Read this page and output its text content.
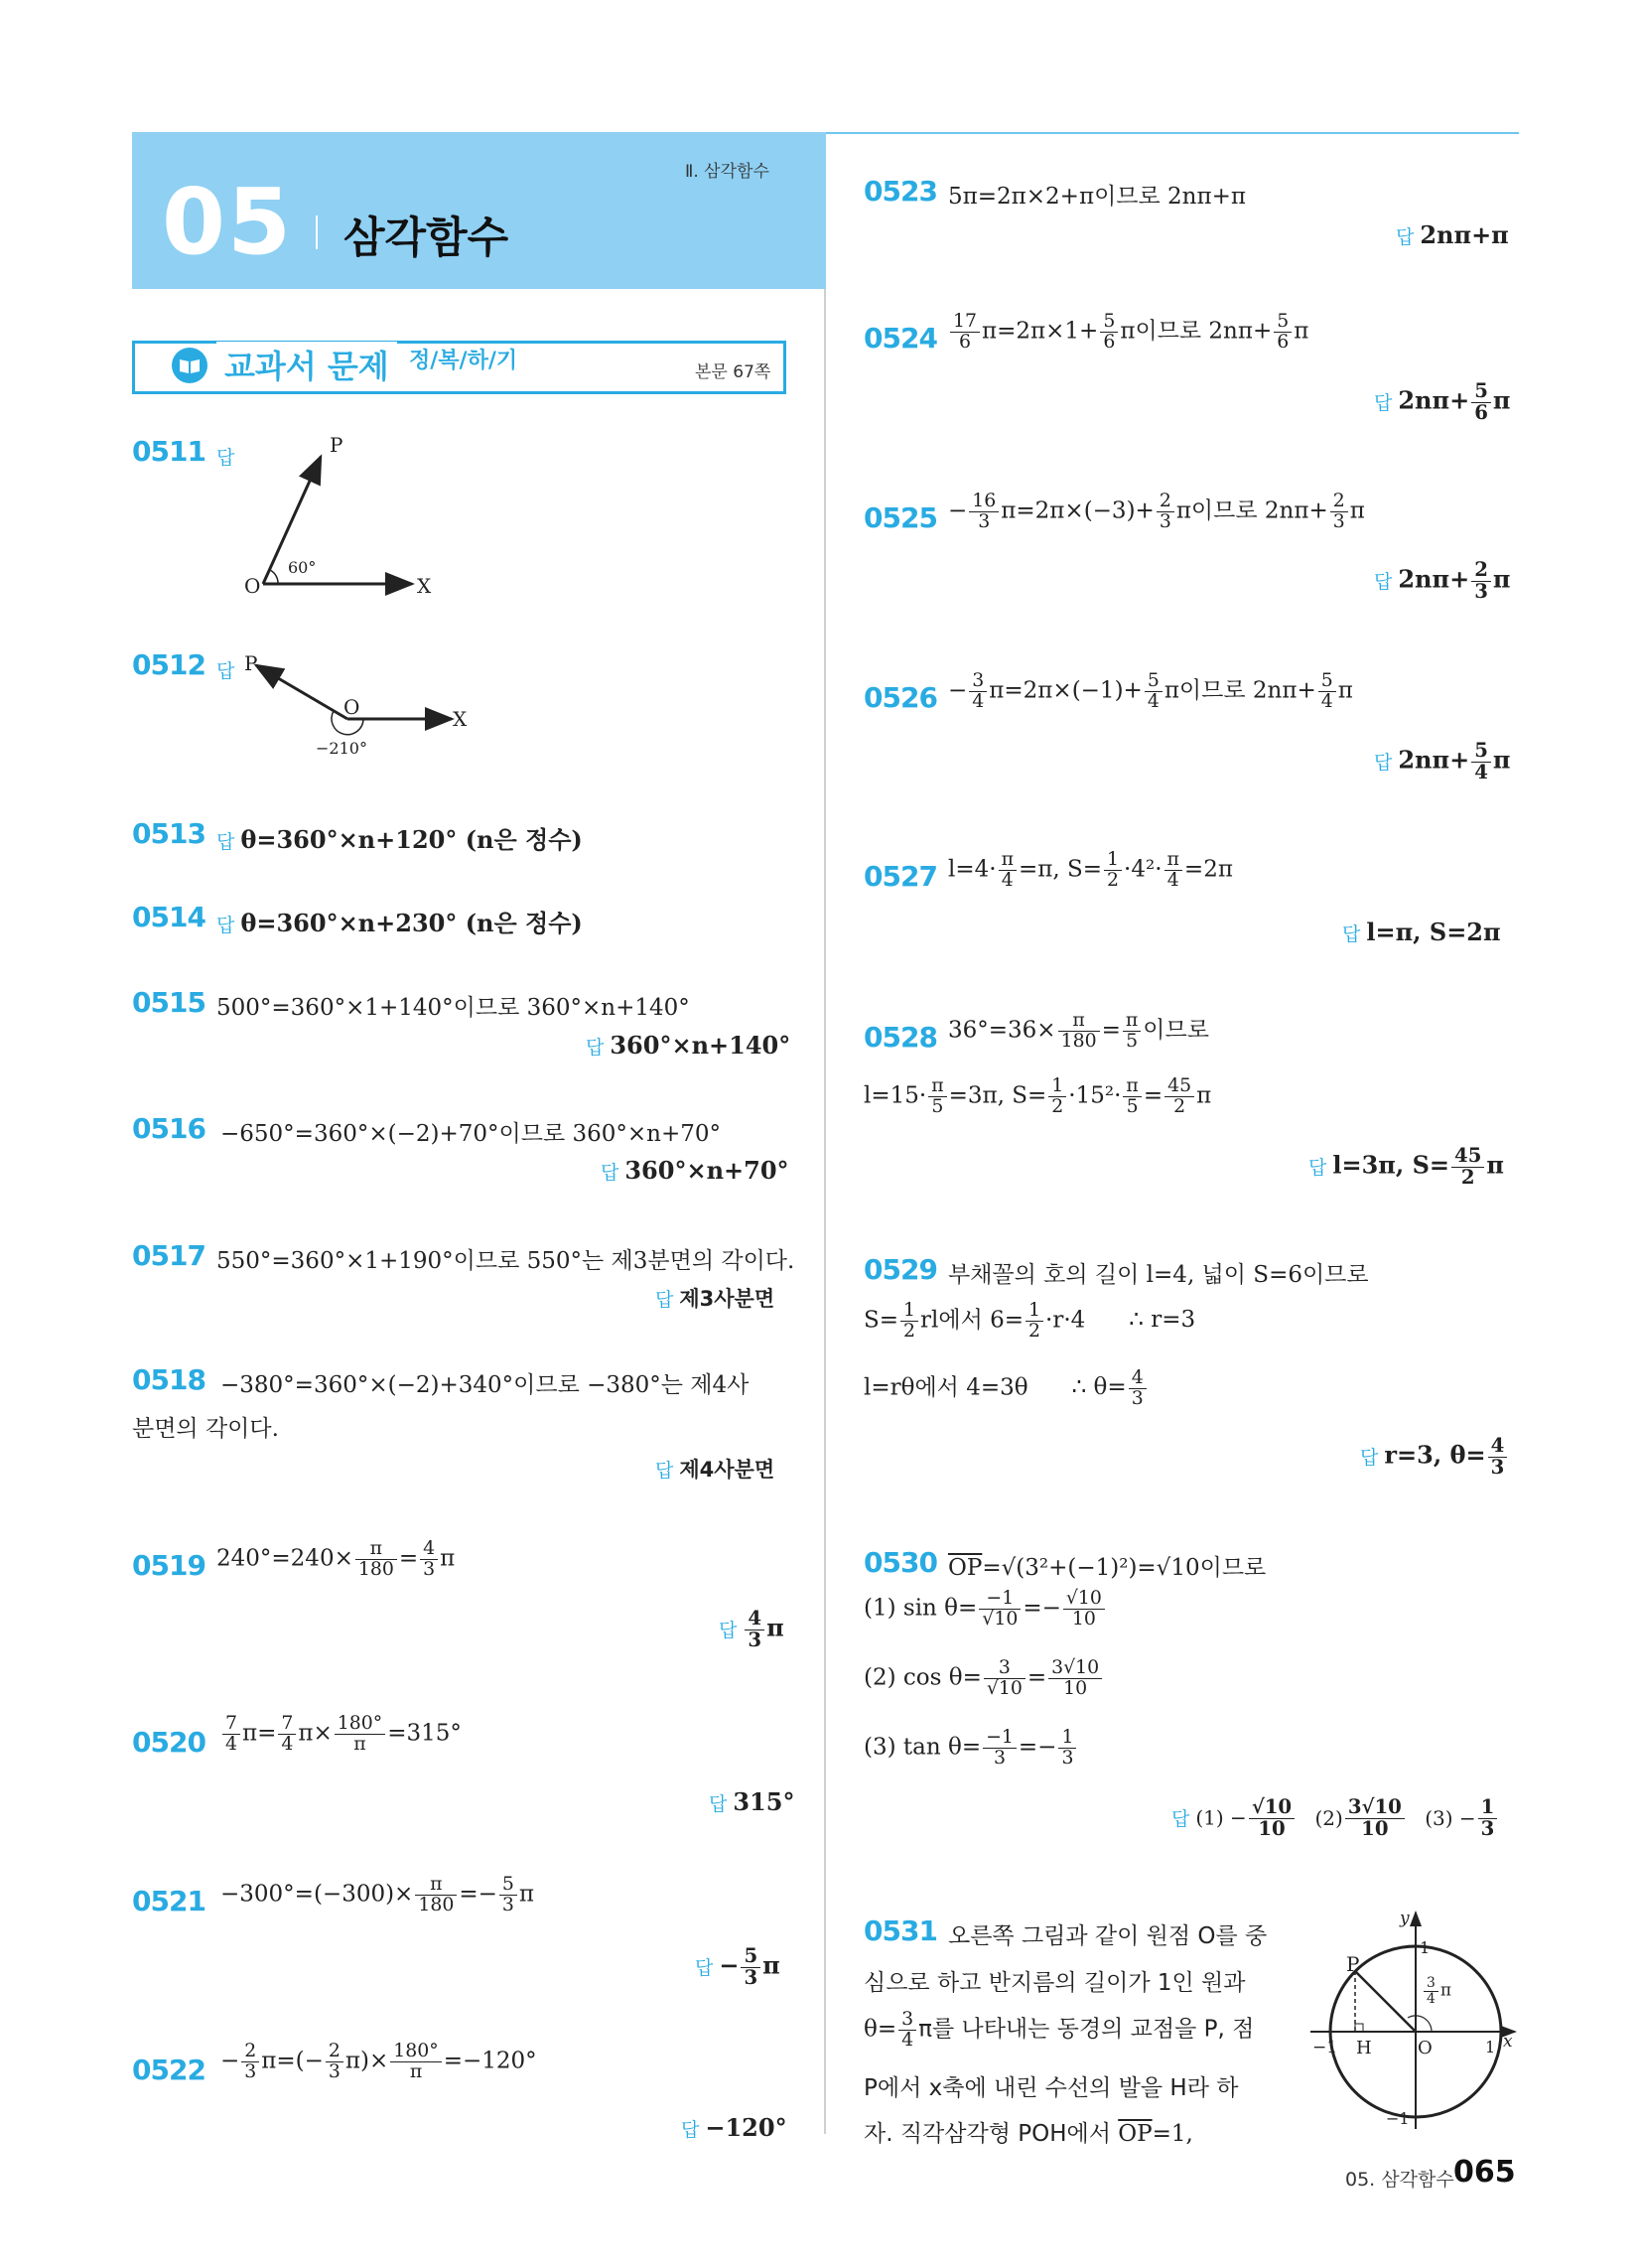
05 삼각함수
Ⅱ. 삼각함수
교과서 문제 정/복/하/기	본문 67쪽
0511 답
P
O	X
60°
0512 답 P
O	X
−210°
0513 답 θ=360°×n+120° (n은 정수)
0514 답 θ=360°×n+230° (n은 정수)
0515 500°=360°×1+140°이므로 360°×n+140°
답 360°×n+140°
0516 −650°=360°×(−2)+70°이므로 360°×n+70°
답 360°×n+70°
0517 550°=360°×1+190°이므로 550°는 제3분면의 각이다.
답 제3사분면
0518 −380°=360°×(−2)+340°이므로 −380°는 제4사
분면의 각이다.
답 제4사분면
0519 $240^\circ=240\times \frac{\pi}{180} = \frac{4}{3}$ π
답 $\frac{4}{3}$ π
$0520 \frac{7}{4} \pi= \frac{7}{4} \pi\times \frac{180^\circ}{\pi} =315^\circ$
답 315°
$0521 -300^\circ=(-300)\times \frac{\pi}{180} =- \frac{5}{3}$ π
답 − $\frac{5}{3}$ π
$0522 - \frac{2}{3} \pi=(- \frac{2}{3} \pi)\times \frac{180^\circ}{\pi} =-120^\circ$
답 −120°
0523 5π=2π×2+π이므로 2nπ+π
답 2nπ+π
$0524 \frac{17}{6} \pi=2\pi\times 1+ \frac{5}{6}$ π이므로 $2n\pi+ \frac{5}{6}$ π
답 $2n\pi+ \frac{5}{6}$ π
$0525 - \frac{16}{3} \pi=2\pi\times(-3)+ \frac{2}{3}$ π이므로 $2n\pi+ \frac{2}{3}$ π
답 $2n\pi+ \frac{2}{3}$ π
$0526 - \frac{3}{4} \pi=2\pi\times(-1)+ \frac{5}{4}$ π이므로 $2n\pi+ \frac{5}{4}$ π
답 $2n\pi+ \frac{5}{4}$ π
0527 $l=4\cdot \frac{\pi}{4} =\pi$, $S= \frac{1}{2} \cdot 4^2\cdot \frac{\pi}{4} =2\pi$
답 l=π, S=2π
0528 $36^\circ=36\times \frac{\pi}{180} = \frac{\pi}{5}$ 이므로
$l=15\cdot \frac{\pi}{5} =3\pi$, $S= \frac{1}{2} \cdot 15^2\cdot \frac{\pi}{5} = \frac{45}{2}$ π
답 l=3π, $S= \frac{45}{2}$ π
0529 부채꼴의 호의 길이 l=4, 넓이 S=6이므로
$S= \frac{1}{2}$ rl에서 $6= \frac{1}{2} \cdot r\cdot 4$ ∴ r=3
l=rθ에서 4=3θ ∴ $\theta= \frac{4}{3}$
답 r=3, $\theta= \frac{4}{3}$
0530 $\overline{OP}=√(3^2+(-1)^2)=√10$이므로
(1) $\sin \theta= \frac{-1}{√10} =- \frac{√10}{10}$
(2) $\cos \theta= \frac{3}{√10} = \frac{3√10}{10}$
(3) $\tan \theta= \frac{-1}{3} =- \frac{1}{3}$
답 $(1) - \frac{√10}{10} (2) \frac{3√10}{10} (3) - \frac{1}{3}$
0531 오른쪽 그림과 같이 원점 O를 중
심으로 하고 반지름의 길이가 1인 원과
$\theta= \frac{3}{4}$ π를 나타내는 동경의 교점을 P, 점
P에서 x축에 내린 수선의 발을 H라 하
자. 직각삼각형 POH에서 $\overline{OP}=1$,
y
x
1
P
−1 H	O	1
−1
$\frac{3}{4}$ π
05. 삼각함수 065
